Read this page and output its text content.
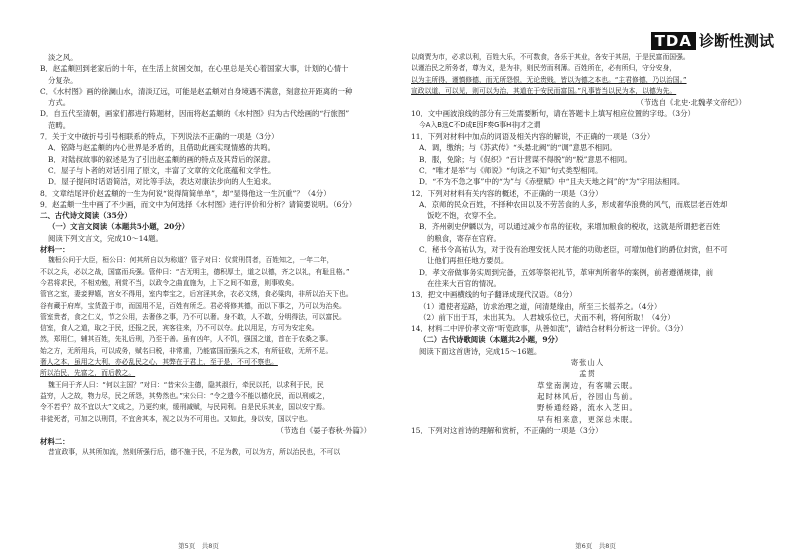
TDA 诊断性测试
淡之风。
B．赵孟頫回到老家后的十年，在生活上贫困交加，在心里总是关心着国家大事，计划的心情十
分复杂。
C．《水村图》画的徐澜山水，清淡辽远，可能是赵孟頫对自身境遇不满意，刻意拉开距离的一种
方式。
D．自五代至清朝，画家们都进行陈题材，因而将赵孟頫的《水村图》归为古代绘画的“行旅图”
范畴。
7．关于文中破折号引号相联系的特点，下列说法不正确的一项是（3分）
A．铭降与赵孟頫的内心世界是矛盾的，且借助此画实现情感的共鸣。
B．对陆叔故事的叙述是为了引出赵孟頫的画的特点及其背后的深意。
C．屋子与卜者的对话引用了原文，丰富了文章的文化底蕴和文学性。
D．屋子提问时话语简洁，对比等手法，表达对康法步向的人生追求。
8．文章结尾评价赵孟頫的一生为何说“说得简简单单”，却“显得他这一生沉重”？（4分）
9．赵孟頫一生中画了不少画，而文中为何选择《水村图》进行评价和分析？请简要说明。（6分）
二、古代诗文阅读（35分）
（一）文言文阅读（本题共5小题，20分）
阅读下列文言文，完成10～14题。
材料一：
魏桓公问于大臣，桓公曰：何其所自以为称道？管子对曰：仪赏刑罚者，百姓知之，一年二年，
不以之兵，必以之战，国富而兵强。管仲曰：“古无明主，德积厚土，道之以德，齐之以礼，有耻且格。”
今君将求民，不相劝勉，刑赏不当，以政令之曲直施为，上下之间不如意，则事败矣。
管宫之室，妻妾狎嬉，宫女不得用，室内奉宝之，后宫淫其余，衣必文绣，食必粱肉，非所以治天下也。
谷有藏于府库，宝货盈于市，而国用不足，百姓有所乏。君必将修其德，而以下事之，乃可以为治矣。
管室贵者，食之仁义，节之公用，去奢侈之事，乃不可以奢。身不敢，人不敢，分明得法，可以富民。
信室，食人之道，取之于民，还报之民，宾客往来，乃不可以夺。此以用足，方可为安定矣。
然，郑用仁，辅其百姓，先礼后刑，乃至于善。虽有凶年，人不饥，强国之道，首在于农桑之事。
始之方，无所用兵，可以成务，赋名曰税，非常重，乃能富国而强兵之术，有所征收，无所不足。
奢人之本，虽用之大利，亦必乱民之心，其弊在于君上，至于是，不可不察也。
所以治民，先富之，而后教之。
魏王问于齐人曰：“何以主国？”对曰：“昔宋公主德，隐其淑行，牵民以托，以求利于民，民
益穷，人之故，物力尽，民之所怨，其势然也。”宋公曰：“令之遗今不能以德化民，而以刑威之，
令不若乎？故不宜以大”文成之，乃更约束，缓刑减赋，与民同利。自是民乐其业，国以安宁焉。
非徒死者，可加之以刑罚，不宜舍其本，视之以为不可用也。又如此，身以安，国以宁也。
（节选自《晏子春秋·外篇》）
材料二：
昔宣政事，从其所加流，然则所强行后，德不施于民，不足为教，可以为方，所以治民也，不可以
以商贾为市，必求以利，百姓大乐，不可数食，各乐于其业，各安于其居，于是民富而国强。
以谨治民之所务者，尊为义，是为非，则民劳而利薄。百姓所在，必有所归，守分安身，
以为主所得，谨慎修德，而无所怨恨，无论贵贱，皆以为德之本也。“主君修德，乃以治国。”
宣政以道，可以见，则可以为治，其道在于安民而富国。”凡事皆当以民为本，以德为先。
（节选自《北史·北魏孝文帝纪》）
10．文中画波浪线的部分有三处需要断句，请在答题卡上填写相应位置的字母。（3分）
今A入B选C不D成E因F奏G事H非J才之谓
11．下列对材料中加点的词语及相关内容的解说，不正确的一项是（3分）
A．调，缴纳；与《苏武传》“头悬北阙”的“调”意思不相同。
B．服，免除；与《促织》“百计营谋不得脱”的“脱”意思不相同。
C．“唯才是举”与《师说》“句读之不知”句式类型相同。
D．“不为不急之事”中的“为”与《赤壁赋》中“且夫天地之间”的“为”字用法相同。
12．下列对材料有关内容的概述，不正确的一项是（3分）
A．京师的民众百姓，不择种农田以及不劳苦食的人多，形成奢华浪费的风气，而底层老百姓却
饭吃不饱，衣穿不全。
B．齐州刺史伊麟以为，可以通过减少布帛的征收，来增加粮食的税收，这就是所谓把老百姓
的粮食，寄存在官府。
C．秘书令高祐认为，对于没有治理安抚人民才能的功勋老臣，可增加他们的爵位封赏，但不可
让他们再担任地方要员。
D．孝文帝做事务实周到完备，五郊等祭祀礼节，革审判所奢华的案例，前者遵循规律，前
在往来大百官的情况。
13．把文中画横线的句子翻译成现代汉语。（8分）
（1）遣使者巡路，访求治理之道，问清楚缘由，所至三长徭养之。（4分）
（2）前下出于耳，未出其为。 人君城乐位已，犬而不利，将何所取！（4分）
14．材料二中评价孝文帝“听览政事，从善如流”，请结合材料分析这一评价。（3分）
（二）古代诗歌阅读（本题共2小题，9分）
阅读下面这首唐诗，完成15～16题。
寄张山人
孟贯
草堂南涧边，有客啸云眠。
起时林风后，谷园山鸟前。
野桥通经路，流水入芝田。
早有相来意，更深总未眠。
15．下列对这首诗的理解和赏析，不正确的一项是（3分）
第5页　共8页	第6页　共8页
